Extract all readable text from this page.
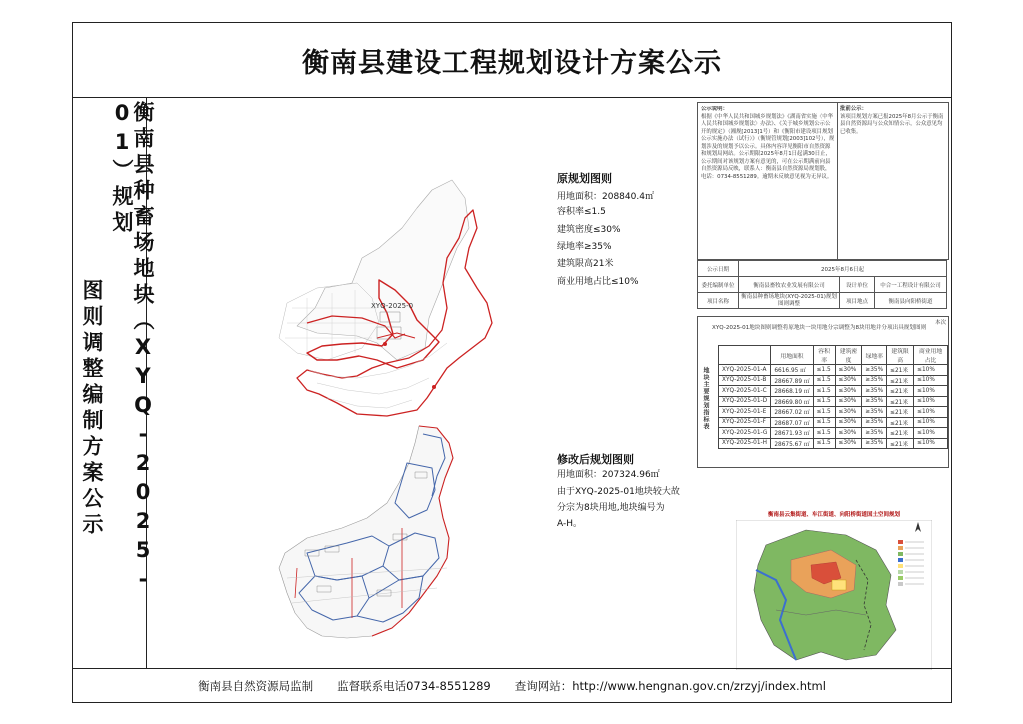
衡南县建设工程规划设计方案公示
衡南县种畜场地块（XYQ-2025-01）规划
图则调整编制方案公示	XYQ-2025-0
原规划图则
用地面积：208840.4㎡
容积率≤1.5
建筑密度≤30%
绿地率≥35%
建筑限高21米
商业用地占比≤10%
修改后规划图则
用地面积：207324.96㎡
由于XYQ-2025-01地块较大故
分宗为8块用地,地块编号为
A-H。
公示说明：
根据《中华人民共和国城乡规划法》《湖南省实施〈中华人民共和国城乡规划法〉办法》、《关于城乡规划公示公开的规定》（湘规[2013]1号）和《衡阳市建设项目规划公示实施办法（试行）》（衡规管规划[2003]102号），规划涉及的规划予以公示。具体内容详见衡阳市自然资源和规划局网站。公示期限2025年8月1日起满30日止，公示期间对该规划方案有意见的，可在公示期满前向县自然资源局反映，联系人：衡南县自然资源局规划股，电话：0734-8551289。逾期未反映意见视为无异议。
批前公示：
该项目规划方案已报2025年8月公示于衡南县自然资源局与公众知情公示，公众意见均已收集。
公示日期	2025年8月6日起		
委托编制单位	衡南县畜牧农业发展有限公司	设计单位	中合一工程设计有限公司
项目名称	衡南县种畜场地块(XYQ-2025-01)规划图则调整	项目地点	衡南县向阳桥街道
本次
XYQ-2025-01地块图则调整将原地块一块用地分宗调整为8块用地并分项出具规划图则
地块主要规划指标表
	用地面积	容积率	建筑密度	绿地率	建筑限高	商业用地占比
XYQ-2025-01-A	6616.95 ㎡	≤1.5	≤30%	≥35%	≤21米	≤10%
XYQ-2025-01-B	28667.89 ㎡	≤1.5	≤30%	≥35%	≤21米	≤10%
XYQ-2025-01-C	28668.19 ㎡	≤1.5	≤30%	≥35%	≤21米	≤10%
XYQ-2025-01-D	28669.80 ㎡	≤1.5	≤30%	≥35%	≤21米	≤10%
XYQ-2025-01-E	28667.02 ㎡	≤1.5	≤30%	≥35%	≤21米	≤10%
XYQ-2025-01-F	28687.07 ㎡	≤1.5	≤30%	≥35%	≤21米	≤10%
XYQ-2025-01-G	28671.93 ㎡	≤1.5	≤30%	≥35%	≤21米	≤10%
XYQ-2025-01-H	28675.67 ㎡	≤1.5	≤30%	≥35%	≤21米	≤10%
衡南县云集街道、车江街道、向阳桥街道国土空间规划
衡南县自然资源局监制 监督联系电话0734-8551289 查询网站：http://www.hengnan.gov.cn/zrzyj/index.html
